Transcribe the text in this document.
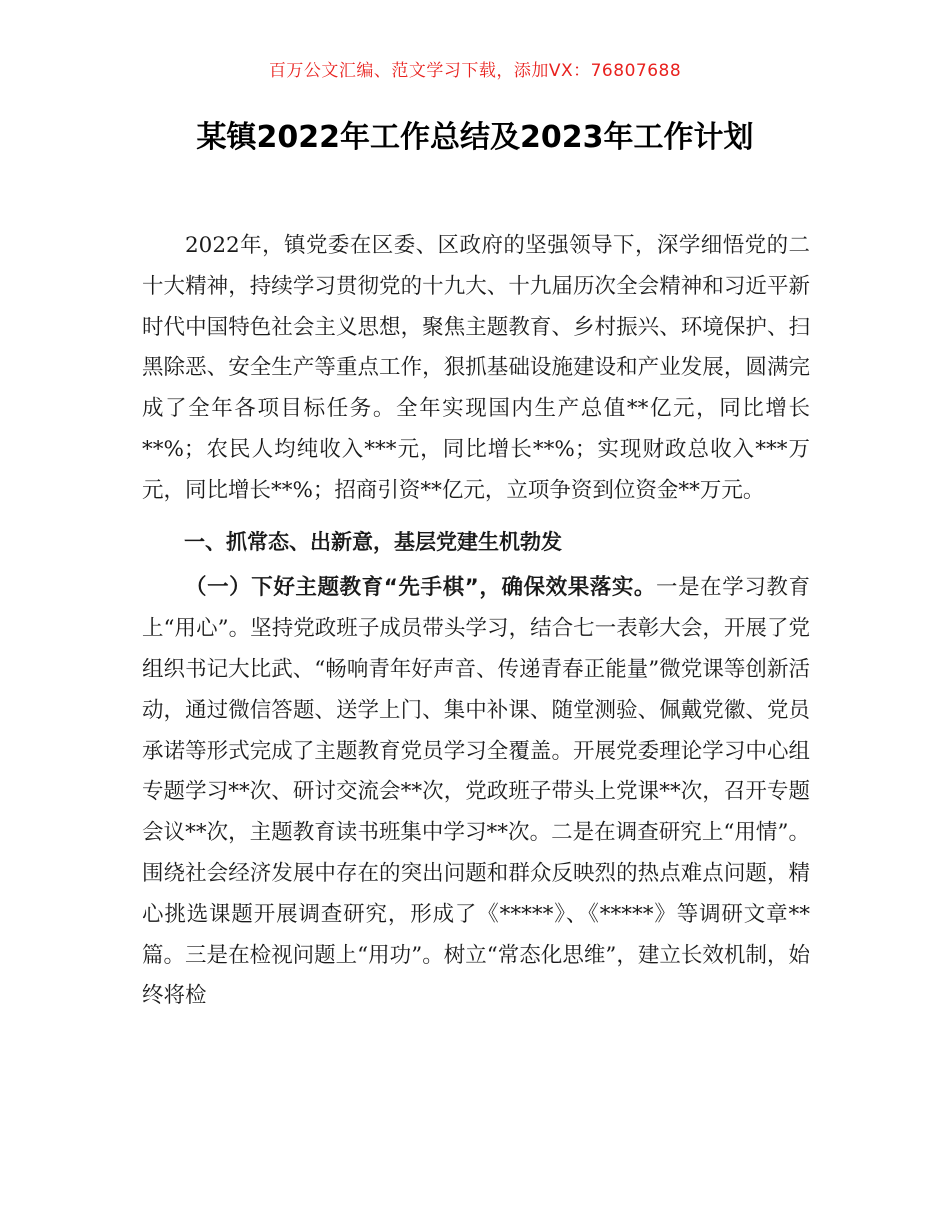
百万公文汇编、范文学习下载，添加VX：76807688
某镇2022年工作总结及2023年工作计划

2022年，镇党委在区委、区政府的坚强领导下，深学细悟党的二十大精神，持续学习贯彻党的十九大、十九届历次全会精神和习近平新时代中国特色社会主义思想，聚焦主题教育、乡村振兴、环境保护、扫黑除恶、安全生产等重点工作，狠抓基础设施建设和产业发展，圆满完成了全年各项目标任务。全年实现国内生产总值**亿元，同比增长**%；农民人均纯收入***元，同比增长**%；实现财政总收入***万元，同比增长**%；招商引资**亿元，立项争资到位资金**万元。

一、抓常态、出新意，基层党建生机勃发

（一）下好主题教育“先手棋”，确保效果落实。一是在学习教育上“用心”。坚持党政班子成员带头学习，结合七一表彰大会，开展了党组织书记大比武、“畅响青年好声音、传递青春正能量”微党课等创新活动，通过微信答题、送学上门、集中补课、随堂测验、佩戴党徽、党员承诺等形式完成了主题教育党员学习全覆盖。开展党委理论学习中心组专题学习**次、研讨交流会**次，党政班子带头上党课**次，召开专题会议**次，主题教育读书班集中学习**次。二是在调查研究上“用情”。围绕社会经济发展中存在的突出问题和群众反映烈的热点难点问题，精心挑选课题开展调查研究，形成了《*****》、《*****》等调研文章**篇。三是在检视问题上“用功”。树立“常态化思维”，建立长效机制，始终将检
